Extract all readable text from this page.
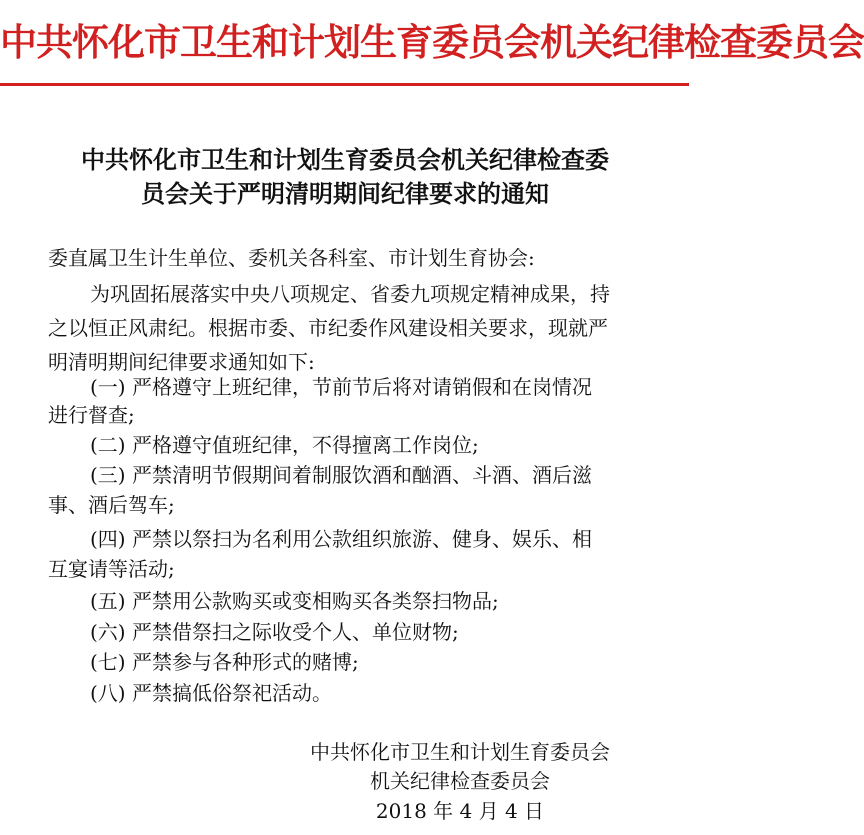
中共怀化市卫生和计划生育委员会机关纪律检查委员会
中共怀化市卫生和计划生育委员会机关纪律检查委
员会关于严明清明期间纪律要求的通知
委直属卫生计生单位、委机关各科室、市计划生育协会:
为巩固拓展落实中央八项规定、省委九项规定精神成果，持
之以恒正风肃纪。根据市委、市纪委作风建设相关要求，现就严
明清明期间纪律要求通知如下:
(一) 严格遵守上班纪律，节前节后将对请销假和在岗情况
进行督查;
(二) 严格遵守值班纪律，不得擅离工作岗位;
(三) 严禁清明节假期间着制服饮酒和酗酒、斗酒、酒后滋
事、酒后驾车;
(四) 严禁以祭扫为名利用公款组织旅游、健身、娱乐、相
互宴请等活动;
(五) 严禁用公款购买或变相购买各类祭扫物品;
(六) 严禁借祭扫之际收受个人、单位财物;
(七) 严禁参与各种形式的赌博;
(八) 严禁搞低俗祭祀活动。
中共怀化市卫生和计划生育委员会
机关纪律检查委员会
2018 年 4 月 4 日
